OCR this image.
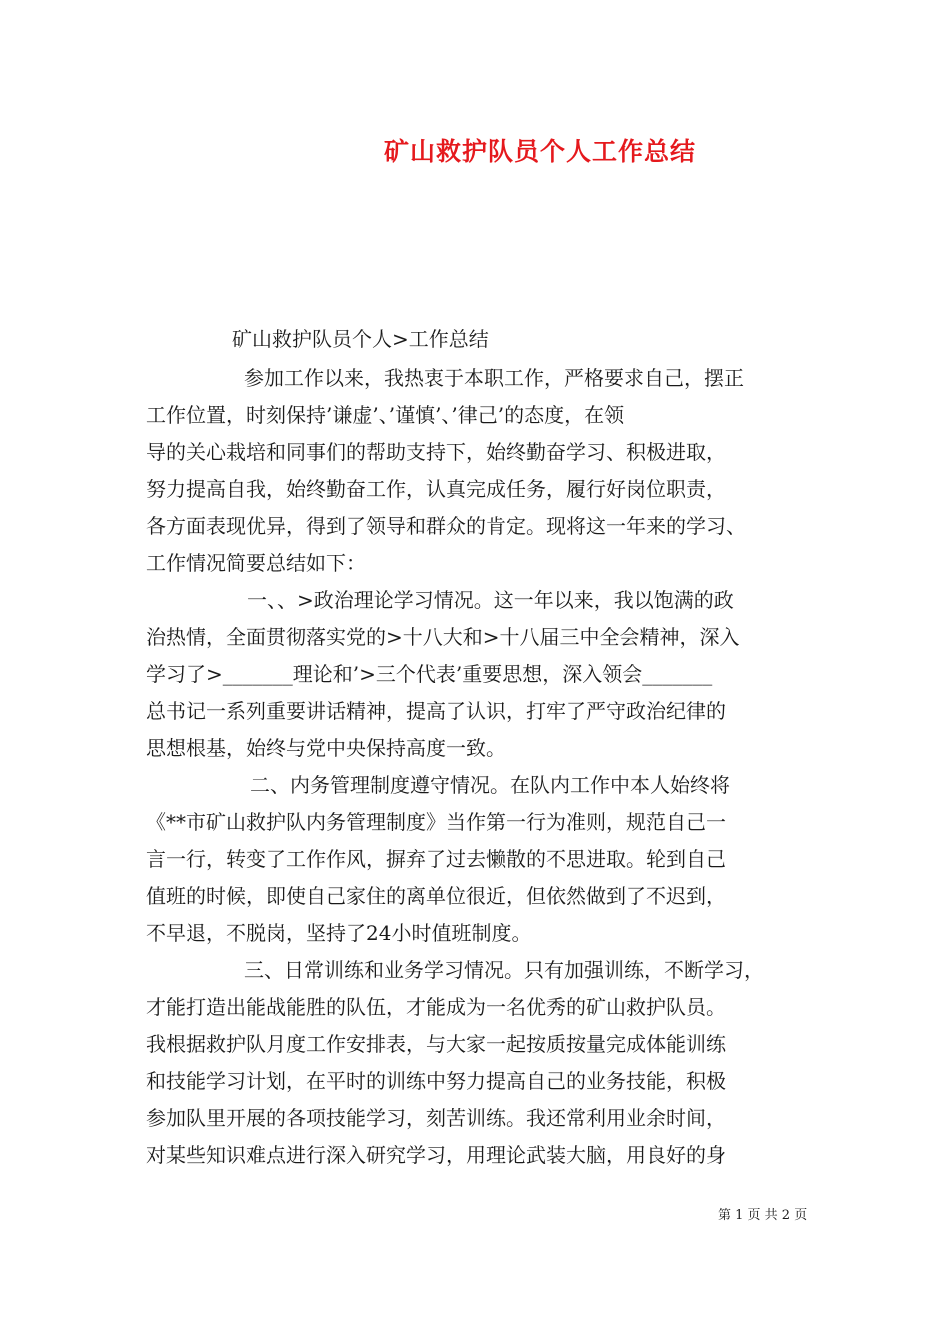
矿山救护队员个人工作总结
矿山救护队员个人>工作总结
参加工作以来，我热衷于本职工作，严格要求自己，摆正
工作位置，时刻保持’谦虚’、’谨慎’、’律己’的态度，在领
导的关心栽培和同事们的帮助支持下，始终勤奋学习、积极进取，
努力提高自我，始终勤奋工作，认真完成任务，履行好岗位职责，
各方面表现优异，得到了领导和群众的肯定。现将这一年来的学习、
工作情况简要总结如下：
一、、>政治理论学习情况。这一年以来，我以饱满的政
治热情，全面贯彻落实党的>十八大和>十八届三中全会精神，深入
学习了>_______理论和’>三个代表’重要思想，深入领会_______
总书记一系列重要讲话精神，提高了认识，打牢了严守政治纪律的
思想根基，始终与党中央保持高度一致。
二、内务管理制度遵守情况。在队内工作中本人始终将
《**市矿山救护队内务管理制度》当作第一行为准则，规范自己一
言一行，转变了工作作风，摒弃了过去懒散的不思进取。轮到自己
值班的时候，即使自己家住的离单位很近，但依然做到了不迟到，
不早退，不脱岗，坚持了24小时值班制度。
三、日常训练和业务学习情况。只有加强训练，不断学习，
才能打造出能战能胜的队伍，才能成为一名优秀的矿山救护队员。
我根据救护队月度工作安排表，与大家一起按质按量完成体能训练
和技能学习计划，在平时的训练中努力提高自己的业务技能，积极
参加队里开展的各项技能学习，刻苦训练。我还常利用业余时间，
对某些知识难点进行深入研究学习，用理论武装大脑，用良好的身
第 1 页 共 2 页
